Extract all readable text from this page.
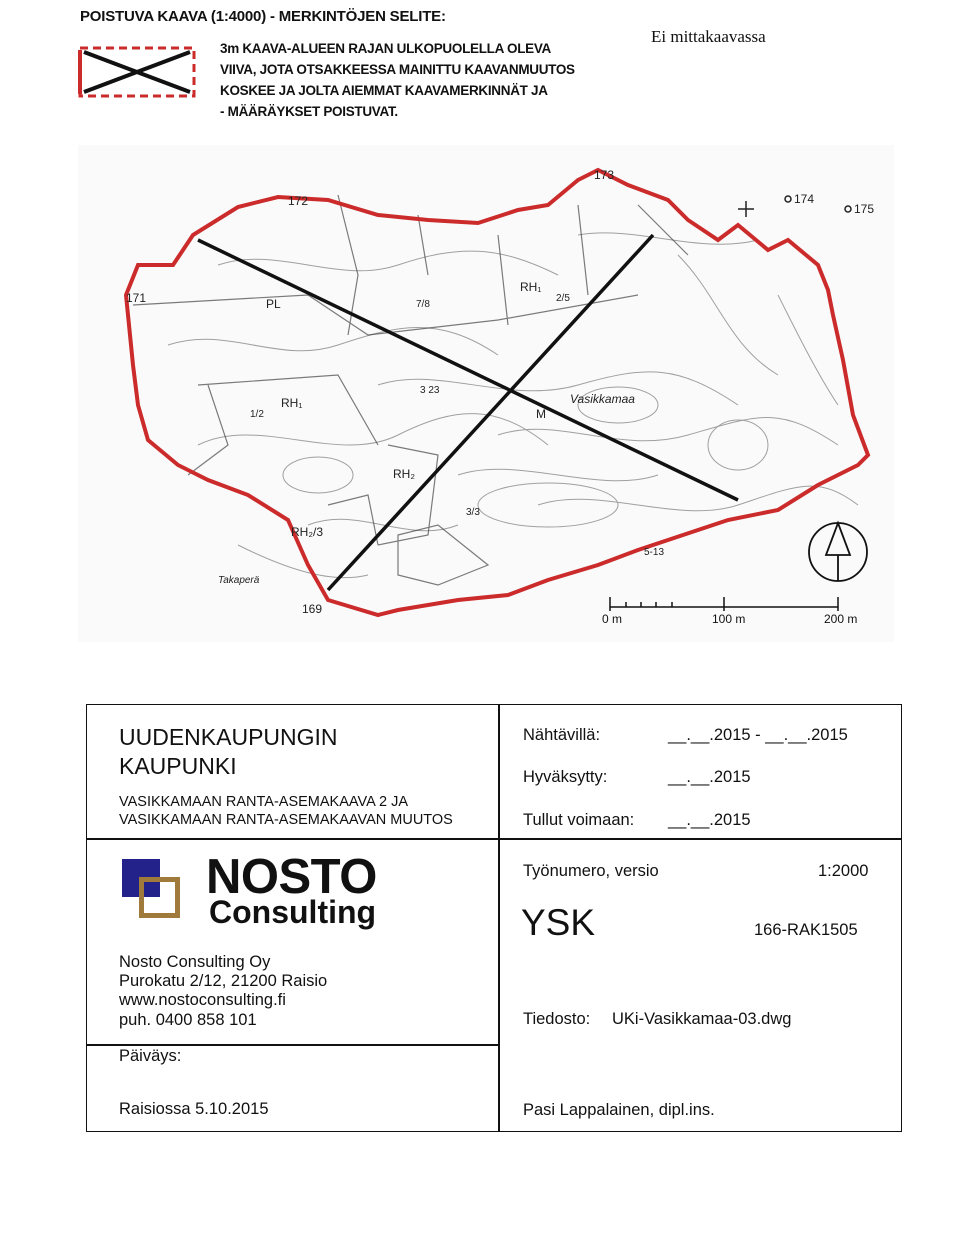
POISTUVA KAAVA (1:4000) - MERKINTÖJEN SELITE:
3m KAAVA-ALUEEN RAJAN ULKOPUOLELLA OLEVA
VIIVA, JOTA OTSAKKEESSA MAINITTU KAAVANMUUTOS
KOSKEE JA JOLTA AIEMMAT KAAVAMERKINNÄT JA
- MÄÄRÄYKSET POISTUVAT.
Ei mittakaavassa
171
172
173
174
175
169
PL
RH₁
RH₁
RH₂
RH₂/3
Vasikkamaa
M
Takaperä
7/8
2/5
1/2
3/3
3 23
5-13
0 m	100 m	200 m
UUDENKAUPUNGIN
KAUPUNKI
VASIKKAMAAN RANTA-ASEMAKAAVA 2 JA
VASIKKAMAAN RANTA-ASEMAKAAVAN MUUTOS
Nähtävillä:	__.__.2015 - __.__.2015
Hyväksytty:	__.__.2015
Tullut voimaan: __.__.2015
NOSTO
Consulting
Nosto Consulting Oy
Purokatu 2/12, 21200 Raisio
www.nostoconsulting.fi
puh. 0400 858 101
Työnumero, versio	1:2000
YSK	166-RAK1505
Tiedosto: UKi-Vasikkamaa-03.dwg
Päiväys:
Raisiossa 5.10.2015	Pasi Lappalainen, dipl.ins.
